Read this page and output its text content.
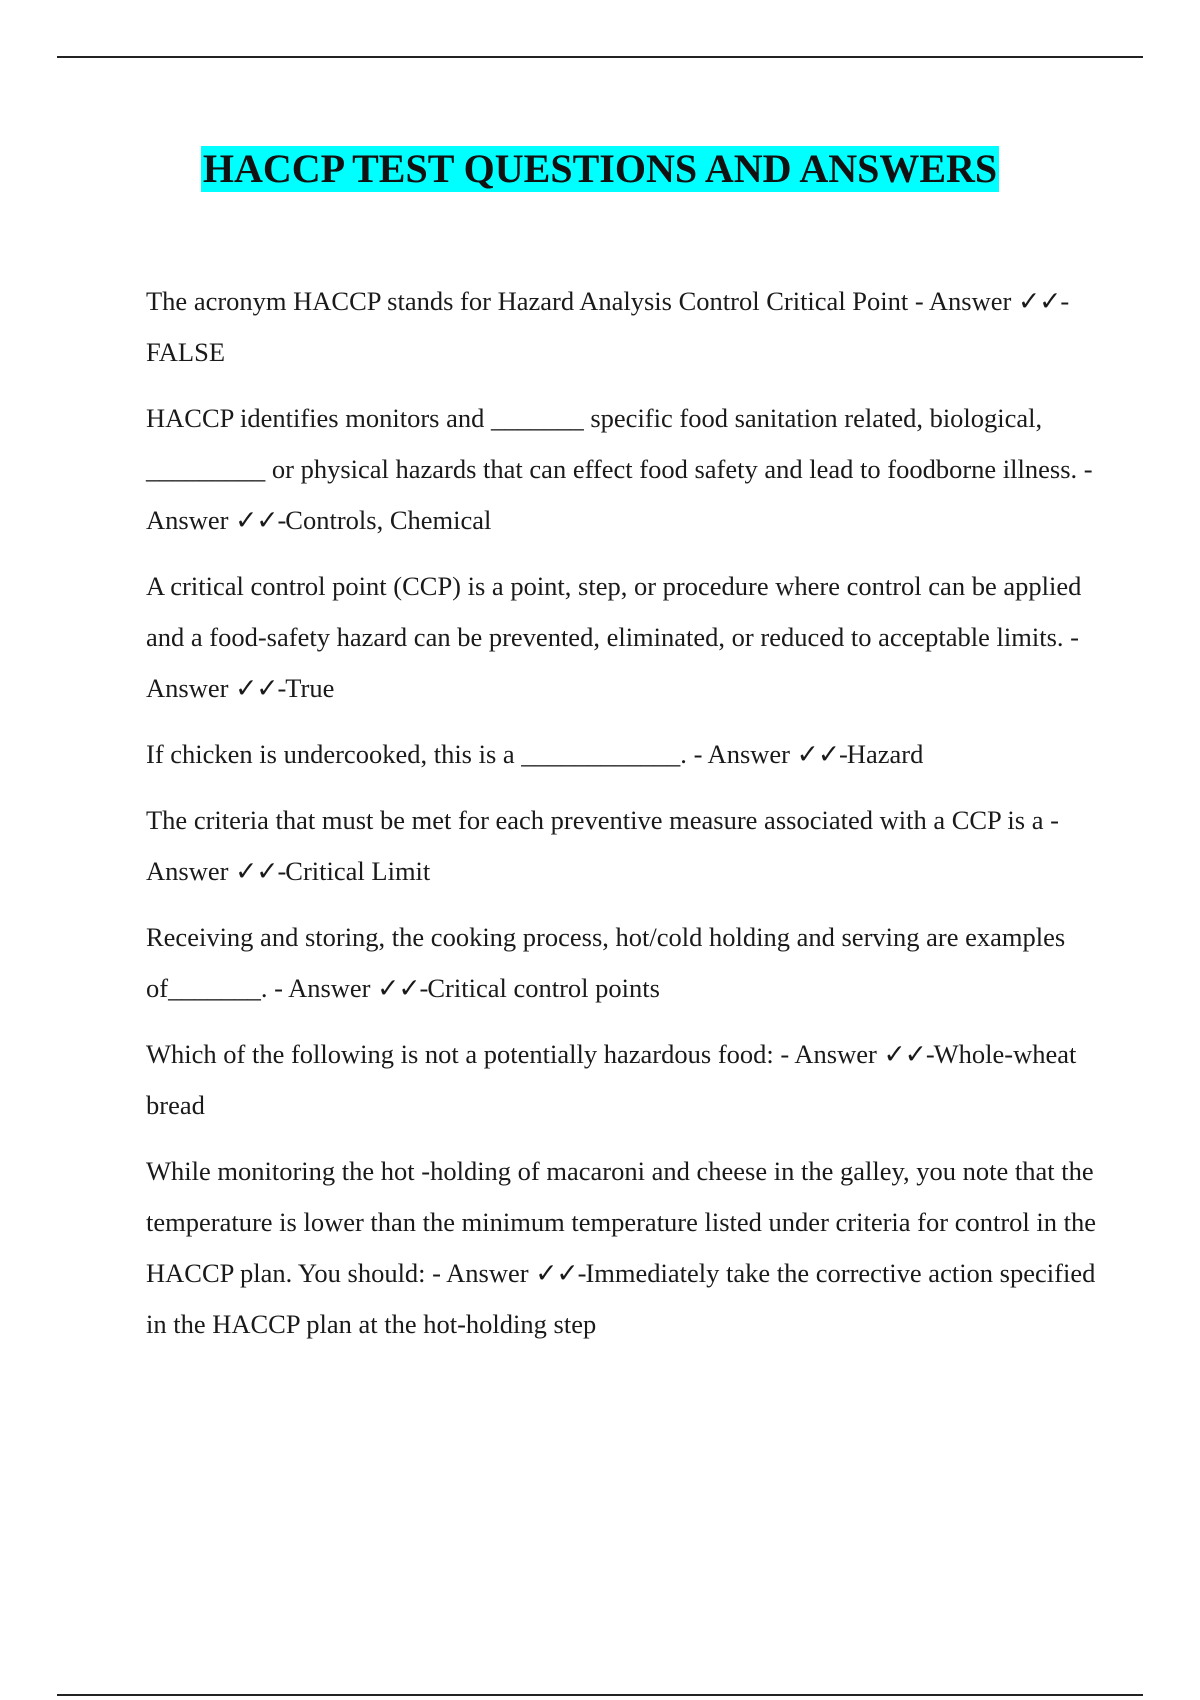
HACCP TEST QUESTIONS AND ANSWERS

The acronym HACCP stands for Hazard Analysis Control Critical Point - Answer ✓✓-FALSE

HACCP identifies monitors and _______ specific food sanitation related, biological, _________ or physical hazards that can effect food safety and lead to foodborne illness. - Answer ✓✓-Controls, Chemical

A critical control point (CCP) is a point, step, or procedure where control can be applied and a food-safety hazard can be prevented, eliminated, or reduced to acceptable limits. - Answer ✓✓-True

If chicken is undercooked, this is a ____________. - Answer ✓✓-Hazard

The criteria that must be met for each preventive measure associated with a CCP is a - Answer ✓✓-Critical Limit

Receiving and storing, the cooking process, hot/cold holding and serving are examples of_______. - Answer ✓✓-Critical control points

Which of the following is not a potentially hazardous food: - Answer ✓✓-Whole-wheat bread

While monitoring the hot -holding of macaroni and cheese in the galley, you note that the temperature is lower than the minimum temperature listed under criteria for control in the HACCP plan. You should: - Answer ✓✓-Immediately take the corrective action specified in the HACCP plan at the hot-holding step
